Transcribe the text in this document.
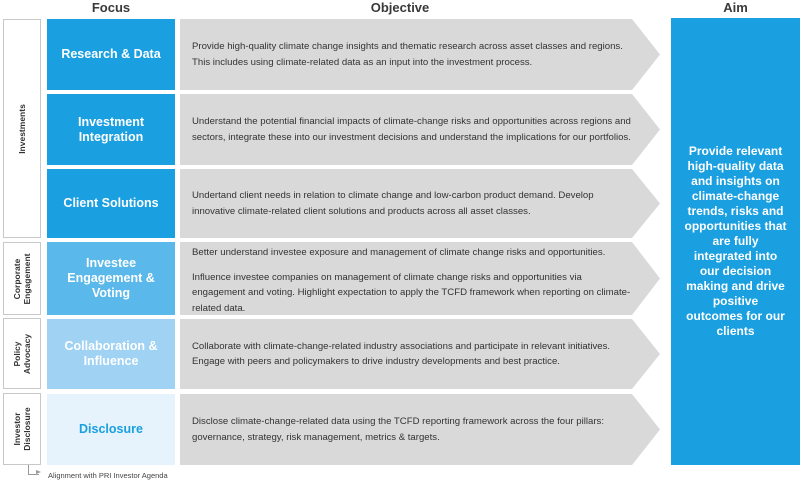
Focus	Objective	Aim
Investments
Corporate Engagement
Policy Advocacy
Investor Disclosure
Research & Data
Investment Integration
Client Solutions
Investee Engagement & Voting
Collaboration & Influence
Disclosure

Provide high-quality climate change insights and thematic research across asset classes and regions. This includes using climate-related data as an input into the investment process.

Understand the potential financial impacts of climate-change risks and opportunities across regions and sectors, integrate these into our investment decisions and understand the implications for our portfolios.

Undertand client needs in relation to climate change and low-carbon product demand. Develop innovative climate-related client solutions and products across all asset classes.

Better understand investee exposure and management of climate change risks and opportunities.

Influence investee companies on management of climate change risks and opportunities via engagement and voting. Highlight expectation to apply the TCFD framework when reporting on climate-related data.

Collaborate with climate-change-related industry associations and participate in relevant initiatives. Engage with peers and policymakers to drive industry developments and best practice.

Disclose climate-change-related data using the TCFD reporting framework across the four pillars: governance, strategy, risk management, metrics & targets.

Provide relevant high-quality data and insights on climate-change trends, risks and opportunities that are fully integrated into our decision making and drive positive outcomes for our clients
Alignment with PRI Investor Agenda
